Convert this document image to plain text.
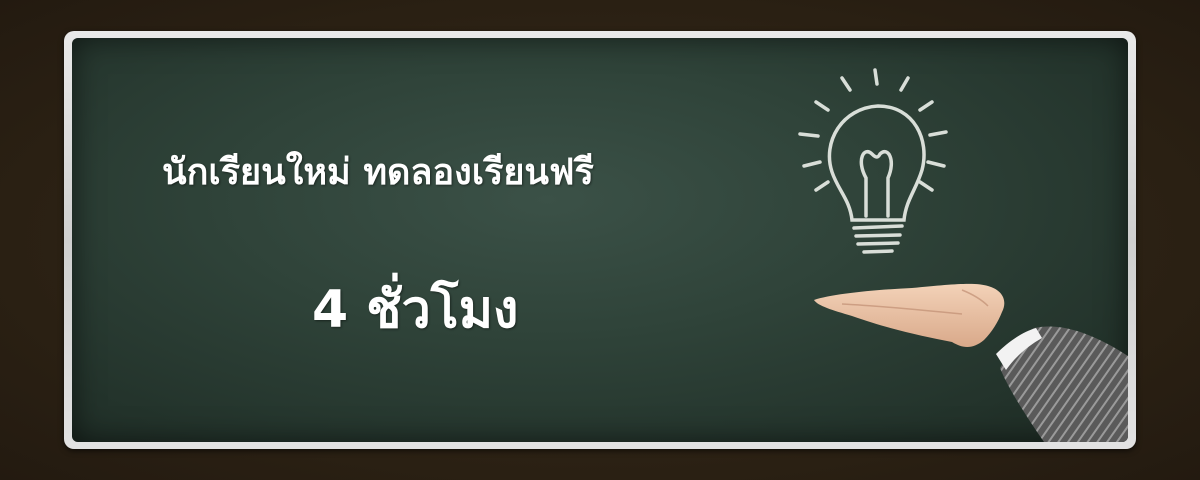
นักเรียนใหม่ ทดลองเรียนฟรี

4 ชั่วโมง
